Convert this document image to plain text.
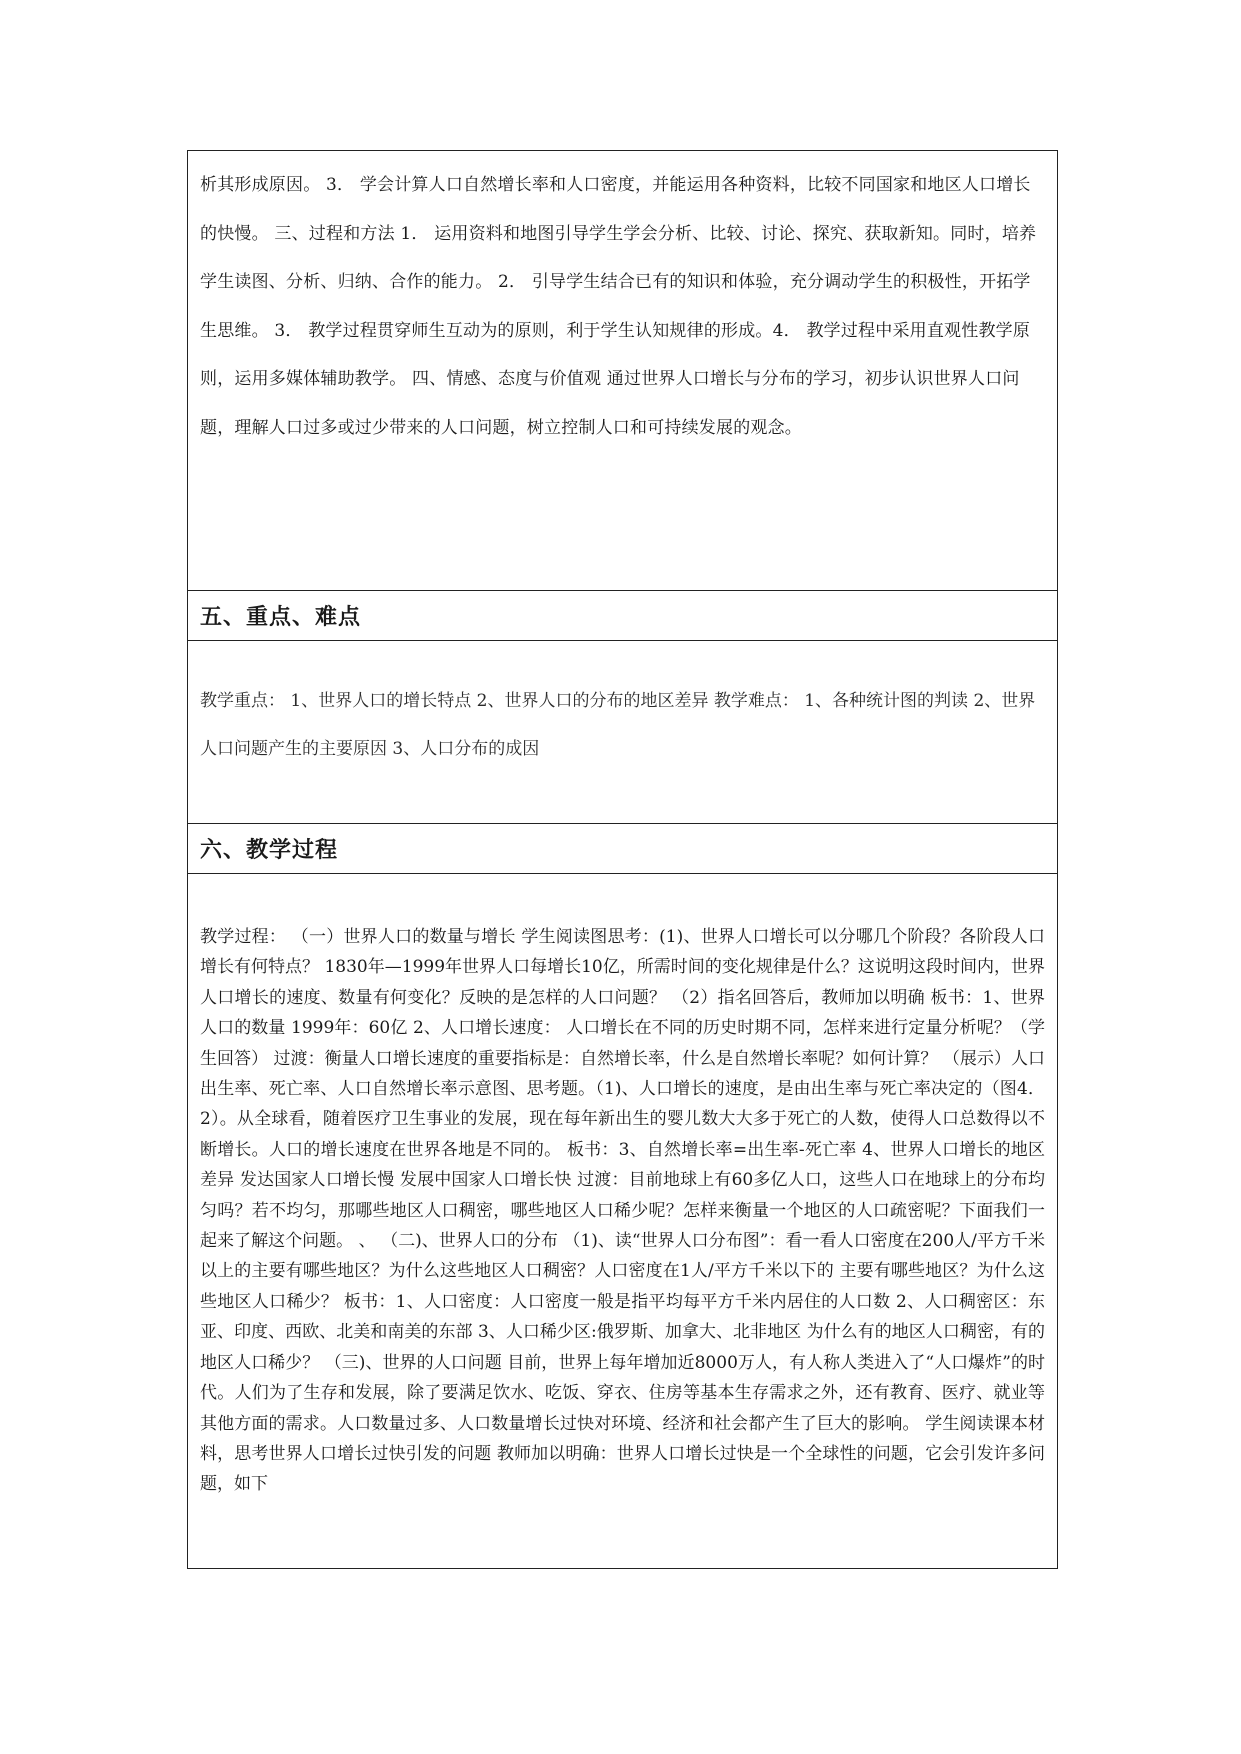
析其形成原因。 3． 学会计算人口自然增长率和人口密度，并能运用各种资料，比较不同国家和地区人口增长的快慢。 三、过程和方法 1． 运用资料和地图引导学生学会分析、比较、讨论、探究、获取新知。同时，培养学生读图、分析、归纳、合作的能力。 2． 引导学生结合已有的知识和体验，充分调动学生的积极性，开拓学生思维。 3． 教学过程贯穿师生互动为的原则，利于学生认知规律的形成。4． 教学过程中采用直观性教学原则，运用多媒体辅助教学。 四、情感、态度与价值观 通过世界人口增长与分布的学习，初步认识世界人口问题，理解人口过多或过少带来的人口问题，树立控制人口和可持续发展的观念。

五、重点、难点

教学重点： 1、世界人口的增长特点 2、世界人口的分布的地区差异 教学难点： 1、各种统计图的判读 2、世界人口问题产生的主要原因 3、人口分布的成因

六、教学过程

教学过程： （一）世界人口的数量与增长 学生阅读图思考：(1)、世界人口增长可以分哪几个阶段？各阶段人口增长有何特点？ 1830年—1999年世界人口每增长10亿，所需时间的变化规律是什么？这说明这段时间内，世界人口增长的速度、数量有何变化？反映的是怎样的人口问题？ （2）指名回答后，教师加以明确 板书：1、世界人口的数量 1999年：60亿 2、人口增长速度： 人口增长在不同的历史时期不同，怎样来进行定量分析呢？（学生回答） 过渡：衡量人口增长速度的重要指标是：自然增长率，什么是自然增长率呢？如何计算？ （展示）人口出生率、死亡率、人口自然增长率示意图、思考题。（1)、人口增长的速度，是由出生率与死亡率决定的（图4．2）。从全球看，随着医疗卫生事业的发展，现在每年新出生的婴儿数大大多于死亡的人数，使得人口总数得以不断增长。人口的增长速度在世界各地是不同的。 板书：3、自然增长率=出生率-死亡率 4、世界人口增长的地区差异 发达国家人口增长慢 发展中国家人口增长快 过渡：目前地球上有60多亿人口，这些人口在地球上的分布均匀吗？若不均匀，那哪些地区人口稠密，哪些地区人口稀少呢？怎样来衡量一个地区的人口疏密呢？下面我们一起来了解这个问题。 、 （二)、世界人口的分布 （1)、读“世界人口分布图”：看一看人口密度在200人/平方千米以上的主要有哪些地区？为什么这些地区人口稠密？人口密度在1人/平方千米以下的 主要有哪些地区？为什么这些地区人口稀少？ 板书：1、人口密度：人口密度一般是指平均每平方千米内居住的人口数 2、人口稠密区：东亚、印度、西欧、北美和南美的东部 3、人口稀少区:俄罗斯、加拿大、北非地区 为什么有的地区人口稠密，有的地区人口稀少？ （三)、世界的人口问题 目前，世界上每年增加近8000万人，有人称人类进入了“人口爆炸”的时代。人们为了生存和发展，除了要满足饮水、吃饭、穿衣、住房等基本生存需求之外，还有教育、医疗、就业等其他方面的需求。人口数量过多、人口数量增长过快对环境、经济和社会都产生了巨大的影响。 学生阅读课本材料，思考世界人口增长过快引发的问题 教师加以明确：世界人口增长过快是一个全球性的问题，它会引发许多问题，如下
